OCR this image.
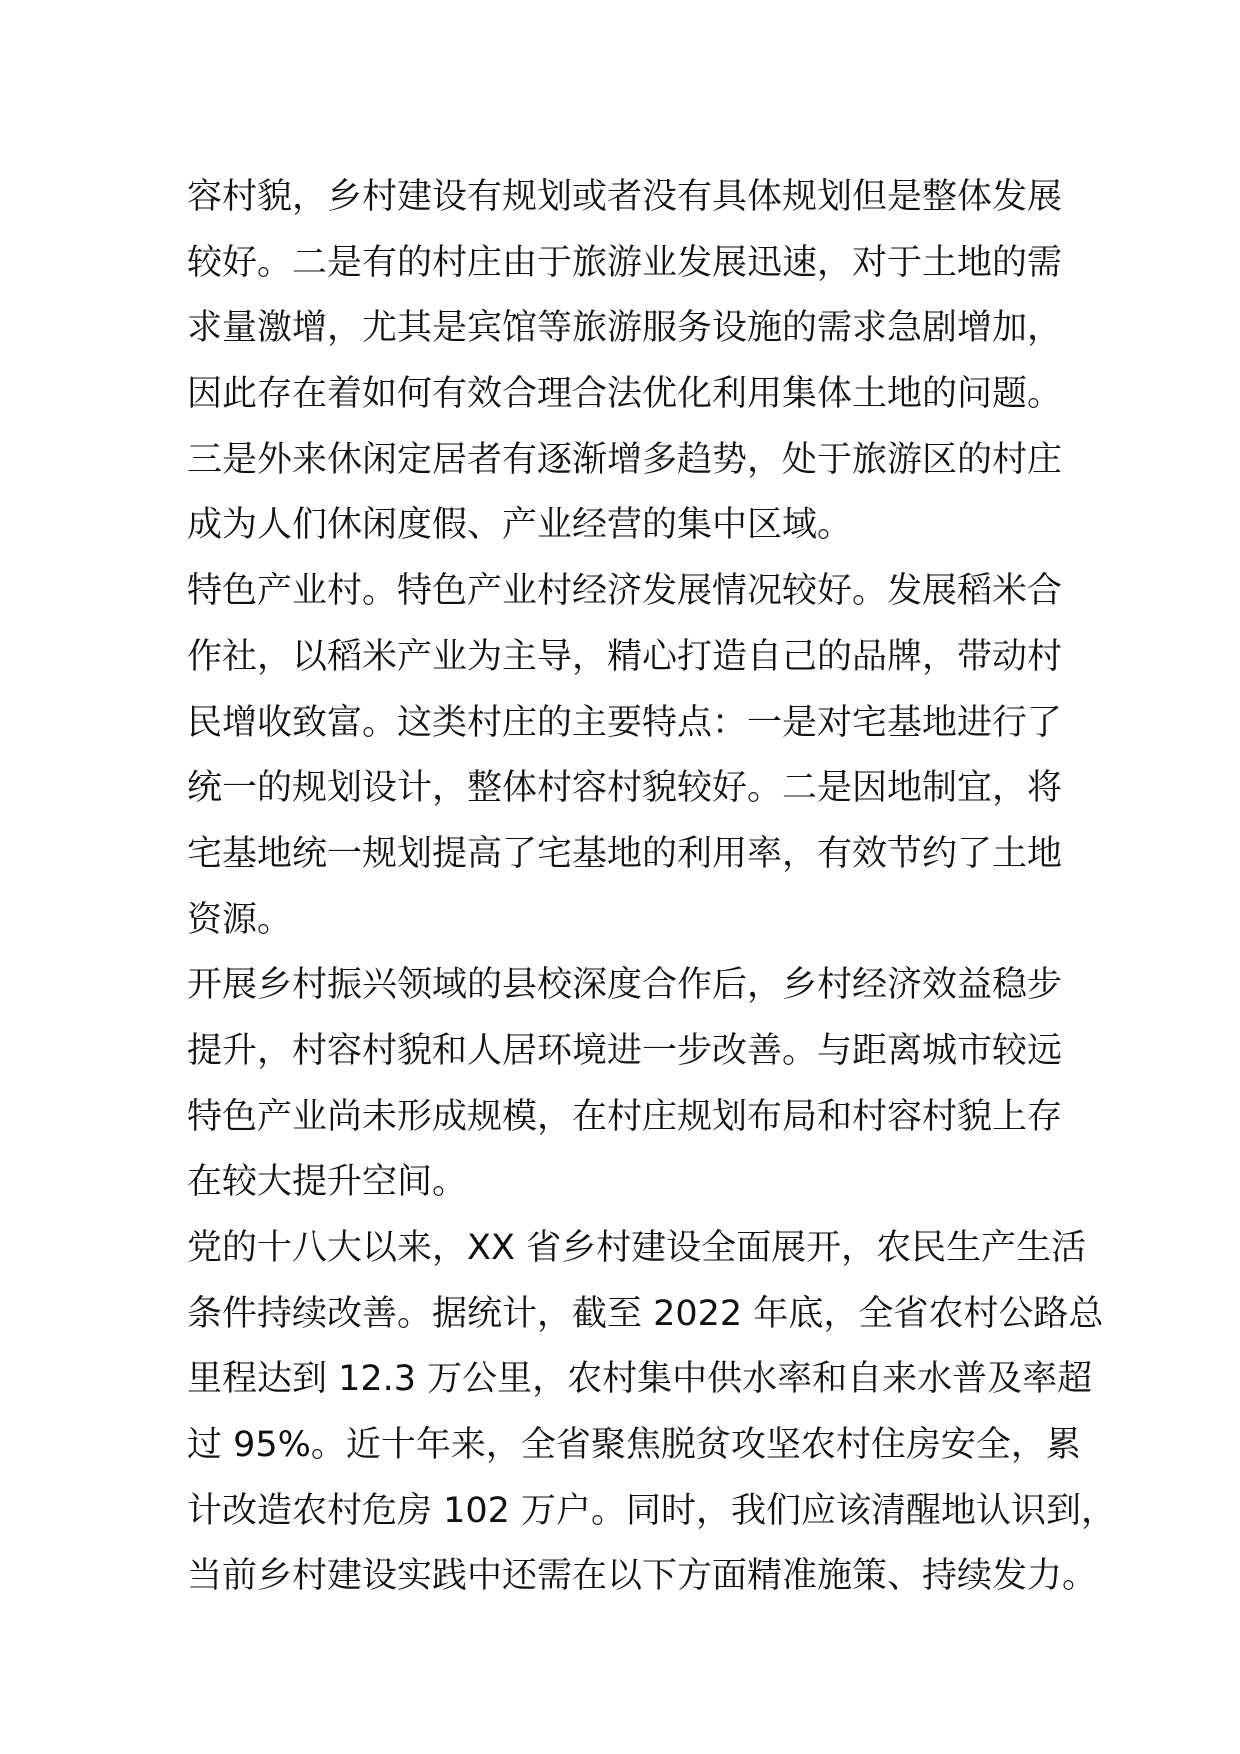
容村貌，乡村建设有规划或者没有具体规划但是整体发展
较好。二是有的村庄由于旅游业发展迅速，对于土地的需
求量激增，尤其是宾馆等旅游服务设施的需求急剧增加，
因此存在着如何有效合理合法优化利用集体土地的问题。
三是外来休闲定居者有逐渐增多趋势，处于旅游区的村庄
成为人们休闲度假、产业经营的集中区域。
特色产业村。特色产业村经济发展情况较好。发展稻米合
作社，以稻米产业为主导，精心打造自己的品牌，带动村
民增收致富。这类村庄的主要特点：一是对宅基地进行了
统一的规划设计，整体村容村貌较好。二是因地制宜，将
宅基地统一规划提高了宅基地的利用率，有效节约了土地
资源。
开展乡村振兴领域的县校深度合作后，乡村经济效益稳步
提升，村容村貌和人居环境进一步改善。与距离城市较远
特色产业尚未形成规模，在村庄规划布局和村容村貌上存
在较大提升空间。
党的十八大以来，XX 省乡村建设全面展开，农民生产生活
条件持续改善。据统计，截至 2022 年底，全省农村公路总
里程达到 12.3 万公里，农村集中供水率和自来水普及率超
过 95%。近十年来，全省聚焦脱贫攻坚农村住房安全，累
计改造农村危房 102 万户。同时，我们应该清醒地认识到，
当前乡村建设实践中还需在以下方面精准施策、持续发力。
